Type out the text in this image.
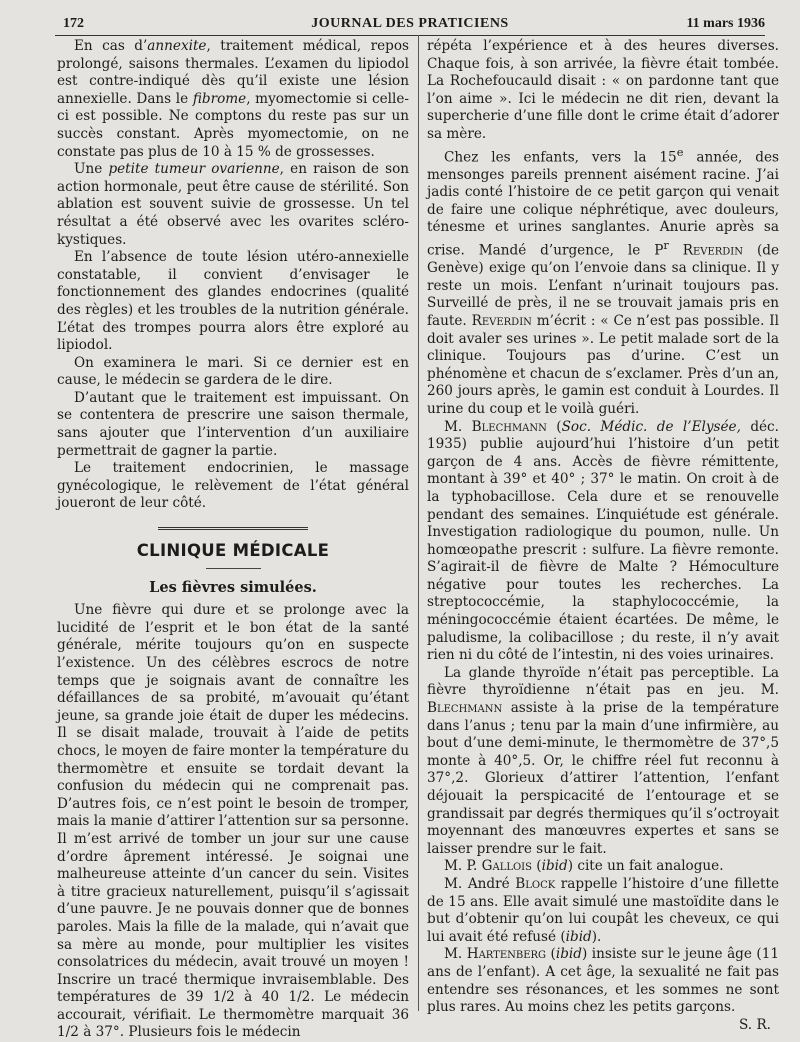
172	JOURNAL DES PRATICIENS	11 mars 1936

En cas d’annexite, traitement médical, repos prolongé, saisons thermales. L’examen du lipiodol est contre-indiqué dès qu’il existe une lésion annexielle. Dans le fibrome, myomectomie si celle-ci est possible. Ne comptons du reste pas sur un succès constant. Après myomectomie, on ne constate pas plus de 10 à 15 % de grossesses.

Une petite tumeur ovarienne, en raison de son action hormonale, peut être cause de stérilité. Son ablation est souvent suivie de grossesse. Un tel résultat a été observé avec les ovarites scléro-kystiques.

En l’absence de toute lésion utéro-annexielle constatable, il convient d’envisager le fonctionnement des glandes endocrines (qualité des règles) et les troubles de la nutrition générale. L’état des trompes pourra alors être exploré au lipiodol.

On examinera le mari. Si ce dernier est en cause, le médecin se gardera de le dire.

D’autant que le traitement est impuissant. On se contentera de prescrire une saison thermale, sans ajouter que l’intervention d’un auxiliaire permettrait de gagner la partie.

Le traitement endocrinien, le massage gynécologique, le relèvement de l’état général joueront de leur côté.

CLINIQUE MÉDICALE

Les fièvres simulées.

Une fièvre qui dure et se prolonge avec la lucidité de l’esprit et le bon état de la santé générale, mérite toujours qu’on en suspecte l’existence. Un des célèbres escrocs de notre temps que je soignais avant de connaître les défaillances de sa probité, m’avouait qu’étant jeune, sa grande joie était de duper les médecins. Il se disait malade, trouvait à l’aide de petits chocs, le moyen de faire monter la température du thermomètre et ensuite se tordait devant la confusion du médecin qui ne comprenait pas. D’autres fois, ce n’est point le besoin de tromper, mais la manie d’attirer l’attention sur sa personne. Il m’est arrivé de tomber un jour sur une cause d’ordre âprement intéressé. Je soignai une malheureuse atteinte d’un cancer du sein. Visites à titre gracieux naturellement, puisqu’il s’agissait d’une pauvre. Je ne pouvais donner que de bonnes paroles. Mais la fille de la malade, qui n’avait que sa mère au monde, pour multiplier les visites consolatrices du médecin, avait trouvé un moyen ! Inscrire un tracé thermique invraisemblable. Des températures de 39 1/2 à 40 1/2. Le médecin accourait, vérifiait. Le thermomètre marquait 36 1/2 à 37°. Plusieurs fois le médecin

répéta l’expérience et à des heures diverses. Chaque fois, à son arrivée, la fièvre était tombée. La Rochefoucauld disait : « on pardonne tant que l’on aime ». Ici le médecin ne dit rien, devant la supercherie d’une fille dont le crime était d’adorer sa mère.

Chez les enfants, vers la 15e année, des mensonges pareils prennent aisément racine. J’ai jadis conté l’histoire de ce petit garçon qui venait de faire une colique néphrétique, avec douleurs, ténesme et urines sanglantes. Anurie après sa crise. Mandé d’urgence, le $P^r$ Reverdin (de Genève) exige qu’on l’envoie dans sa clinique. Il y reste un mois. L’enfant n’urinait toujours pas. Surveillé de près, il ne se trouvait jamais pris en faute. Reverdin m’écrit : « Ce n’est pas possible. Il doit avaler ses urines ». Le petit malade sort de la clinique. Toujours pas d’urine. C’est un phénomène et chacun de s’exclamer. Près d’un an, 260 jours après, le gamin est conduit à Lourdes. Il urine du coup et le voilà guéri.

M. Blechmann (Soc. Médic. de l’Elysée, déc. 1935) publie aujourd’hui l’histoire d’un petit garçon de 4 ans. Accès de fièvre rémittente, montant à 39° et 40° ; 37° le matin. On croit à de la typhobacillose. Cela dure et se renouvelle pendant des semaines. L’inquiétude est générale. Investigation radiologique du poumon, nulle. Un homœopathe prescrit : sulfure. La fièvre remonte. S’agirait-il de fièvre de Malte ? Hémoculture négative pour toutes les recherches. La streptococcémie, la staphylococcémie, la méningococcémie étaient écartées. De même, le paludisme, la colibacillose ; du reste, il n’y avait rien ni du côté de l’intestin, ni des voies urinaires.

La glande thyroïde n’était pas perceptible. La fièvre thyroïdienne n’était pas en jeu. M. Blechmann assiste à la prise de la température dans l’anus ; tenu par la main d’une infirmière, au bout d’une demi-minute, le thermomètre de 37°,5 monte à 40°,5. Or, le chiffre réel fut reconnu à 37°,2. Glorieux d’attirer l’attention, l’enfant déjouait la perspicacité de l’entourage et se grandissait par degrés thermiques qu’il s’octroyait moyennant des manœuvres expertes et sans se laisser prendre sur le fait.

M. P. Gallois (ibid) cite un fait analogue.

M. André Block rappelle l’histoire d’une fillette de 15 ans. Elle avait simulé une mastoïdite dans le but d’obtenir qu’on lui coupât les cheveux, ce qui lui avait été refusé (ibid).

M. Hartenberg (ibid) insiste sur le jeune âge (11 ans de l’enfant). A cet âge, la sexualité ne fait pas entendre ses résonances, et les sommes ne sont plus rares. Au moins chez les petits garçons.

S. R.
